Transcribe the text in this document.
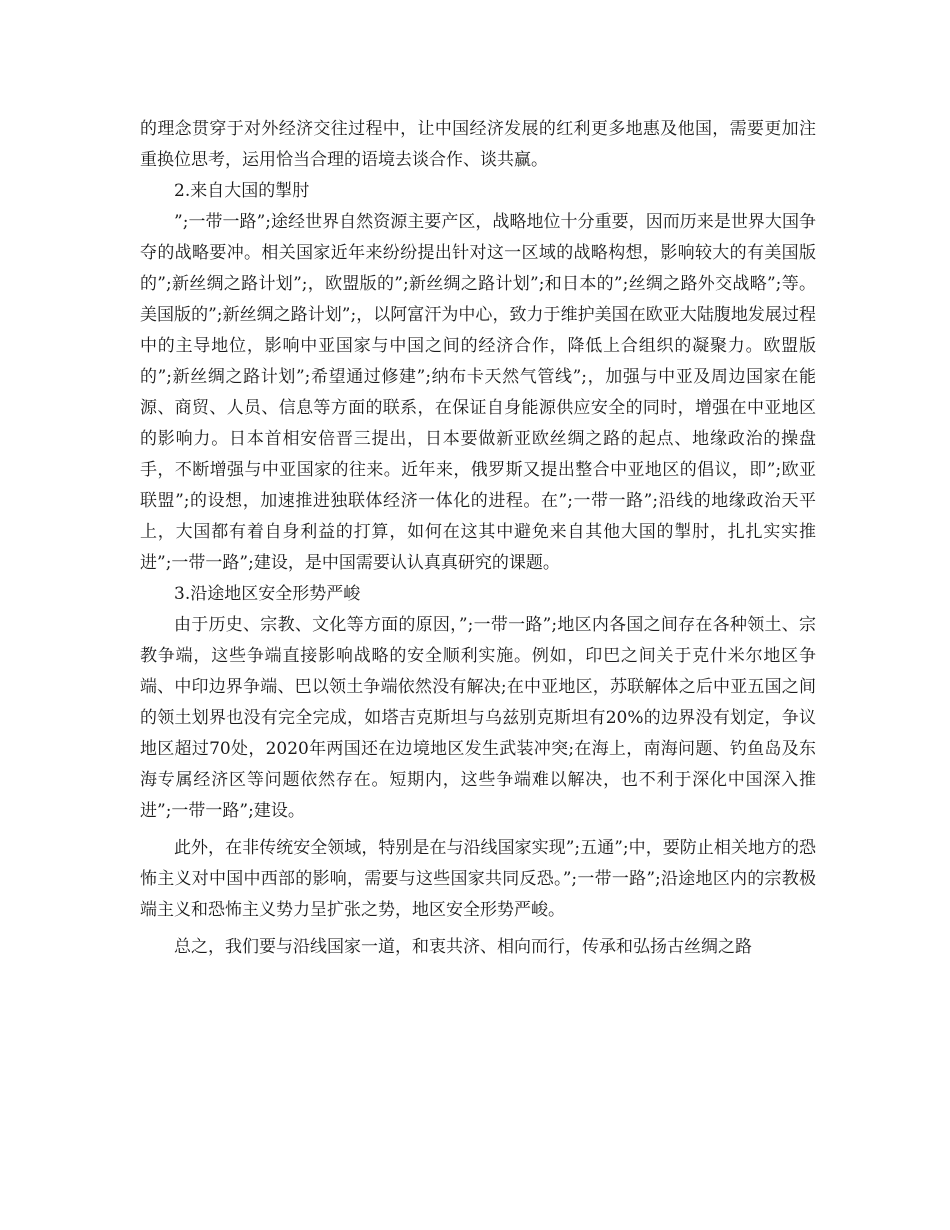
的理念贯穿于对外经济交往过程中，让中国经济发展的红利更多地惠及他国，需要更加注重换位思考，运用恰当合理的语境去谈合作、谈共赢。

2.来自大国的掣肘

”;一带一路”;途经世界自然资源主要产区，战略地位十分重要，因而历来是世界大国争夺的战略要冲。相关国家近年来纷纷提出针对这一区域的战略构想，影响较大的有美国版的”;新丝绸之路计划”;，欧盟版的”;新丝绸之路计划”;和日本的”;丝绸之路外交战略”;等。美国版的”;新丝绸之路计划”;，以阿富汗为中心，致力于维护美国在欧亚大陆腹地发展过程中的主导地位，影响中亚国家与中国之间的经济合作，降低上合组织的凝聚力。欧盟版的”;新丝绸之路计划”;希望通过修建”;纳布卡天然气管线”;，加强与中亚及周边国家在能源、商贸、人员、信息等方面的联系，在保证自身能源供应安全的同时，增强在中亚地区的影响力。日本首相安倍晋三提出，日本要做新亚欧丝绸之路的起点、地缘政治的操盘手，不断增强与中亚国家的往来。近年来，俄罗斯又提出整合中亚地区的倡议，即”;欧亚联盟”;的设想，加速推进独联体经济一体化的进程。在”;一带一路”;沿线的地缘政治天平上，大国都有着自身利益的打算，如何在这其中避免来自其他大国的掣肘，扎扎实实推进”;一带一路”;建设，是中国需要认认真真研究的课题。

3.沿途地区安全形势严峻

由于历史、宗教、文化等方面的原因，”;一带一路”;地区内各国之间存在各种领土、宗教争端，这些争端直接影响战略的安全顺利实施。例如，印巴之间关于克什米尔地区争端、中印边界争端、巴以领土争端依然没有解决;在中亚地区，苏联解体之后中亚五国之间的领土划界也没有完全完成，如塔吉克斯坦与乌兹别克斯坦有20%的边界没有划定，争议地区超过70处，2020年两国还在边境地区发生武装冲突;在海上，南海问题、钓鱼岛及东海专属经济区等问题依然存在。短期内，这些争端难以解决，也不利于深化中国深入推进”;一带一路”;建设。

此外，在非传统安全领域，特别是在与沿线国家实现”;五通”;中，要防止相关地方的恐怖主义对中国中西部的影响，需要与这些国家共同反恐。”;一带一路”;沿途地区内的宗教极端主义和恐怖主义势力呈扩张之势，地区安全形势严峻。

总之，我们要与沿线国家一道，和衷共济、相向而行，传承和弘扬古丝绸之路
